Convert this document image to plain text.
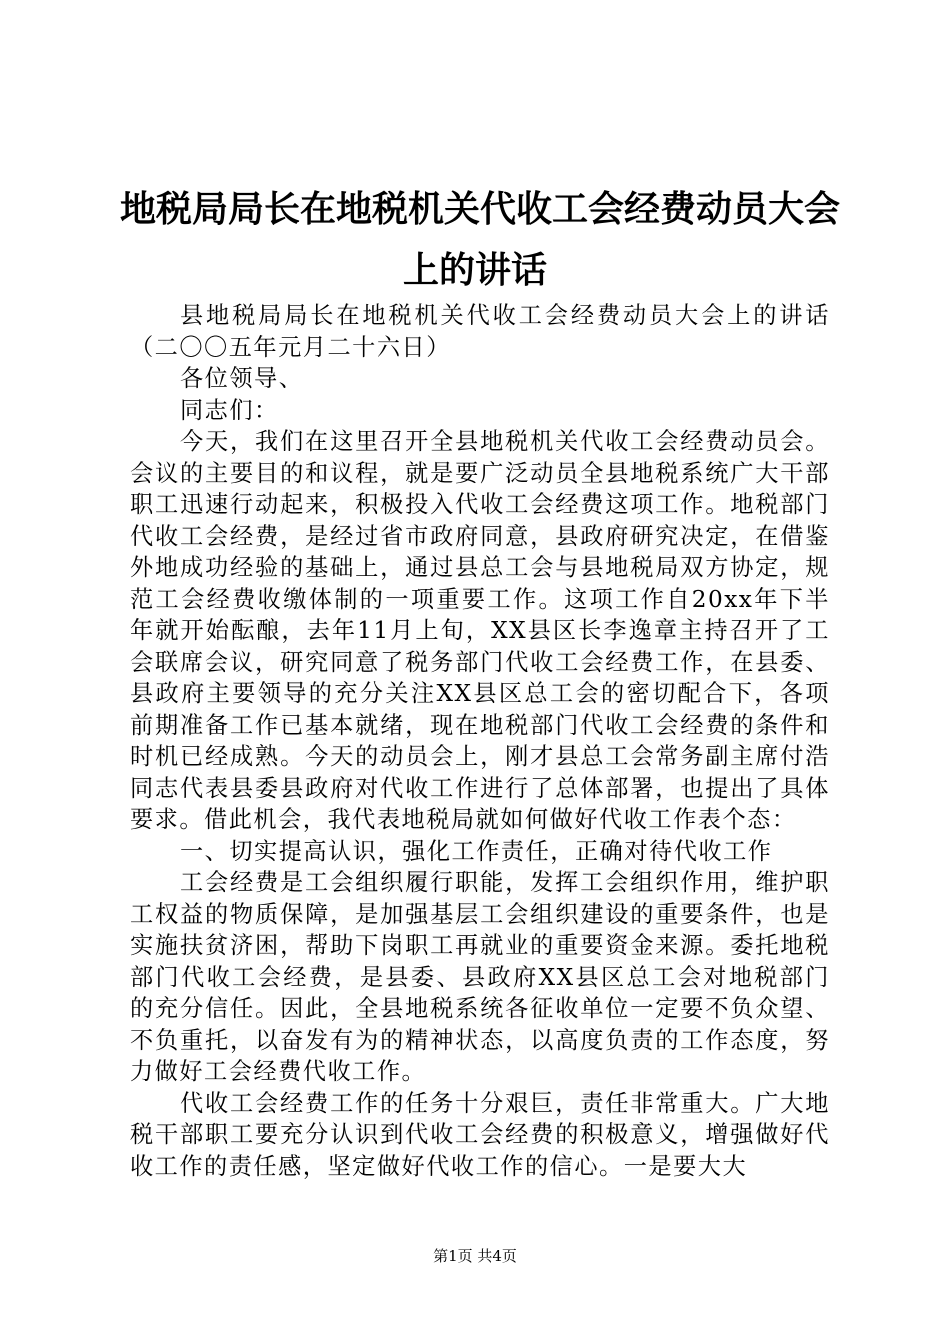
地税局局长在地税机关代收工会经费动员大会
上的讲话

县地税局局长在地税机关代收工会经费动员大会上的讲话（二〇〇五年元月二十六日）

各位领导、

同志们：

今天，我们在这里召开全县地税机关代收工会经费动员会。会议的主要目的和议程，就是要广泛动员全县地税系统广大干部职工迅速行动起来，积极投入代收工会经费这项工作。地税部门代收工会经费，是经过省市政府同意，县政府研究决定，在借鉴外地成功经验的基础上，通过县总工会与县地税局双方协定，规范工会经费收缴体制的一项重要工作。这项工作自20xx年下半年就开始酝酿，去年11月上旬，XX县区长李逸章主持召开了工会联席会议，研究同意了税务部门代收工会经费工作，在县委、县政府主要领导的充分关注XX县区总工会的密切配合下，各项前期准备工作已基本就绪，现在地税部门代收工会经费的条件和时机已经成熟。今天的动员会上，刚才县总工会常务副主席付浩同志代表县委县政府对代收工作进行了总体部署，也提出了具体要求。借此机会，我代表地税局就如何做好代收工作表个态：

一、切实提高认识，强化工作责任，正确对待代收工作

工会经费是工会组织履行职能，发挥工会组织作用，维护职工权益的物质保障，是加强基层工会组织建设的重要条件，也是实施扶贫济困，帮助下岗职工再就业的重要资金来源。委托地税部门代收工会经费，是县委、县政府XX县区总工会对地税部门的充分信任。因此，全县地税系统各征收单位一定要不负众望、不负重托，以奋发有为的精神状态，以高度负责的工作态度，努力做好工会经费代收工作。

代收工会经费工作的任务十分艰巨，责任非常重大。广大地税干部职工要充分认识到代收工会经费的积极意义，增强做好代收工作的责任感，坚定做好代收工作的信心。一是要大大

第1页 共4页
